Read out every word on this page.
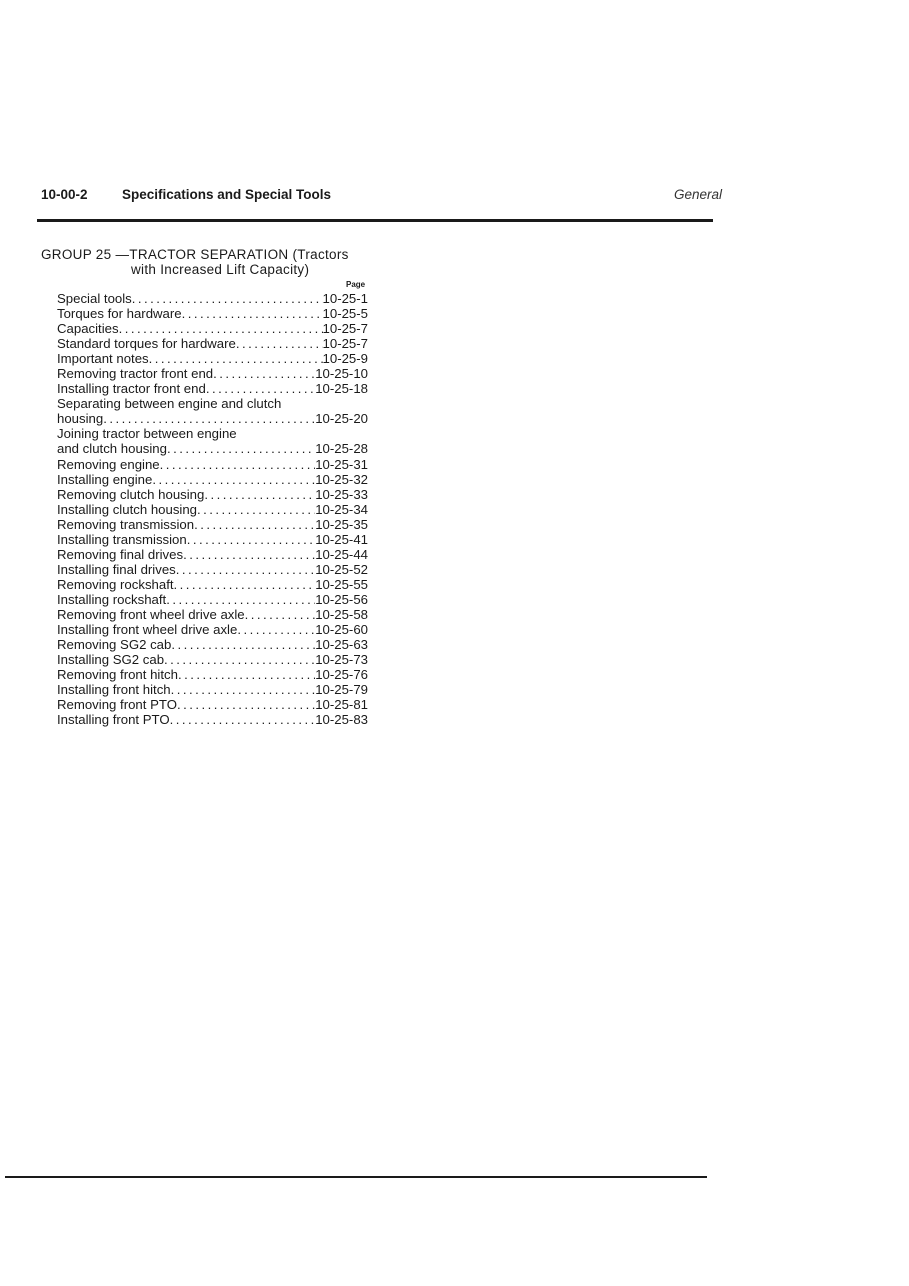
10-00-2	Specifications and Special Tools	General
GROUP 25 —TRACTOR SEPARATION (Tractors
with Increased Lift Capacity)
Page
Special tools . . .	10-25-1
Torques for hardware . . .	10-25-5
Capacities . . .	10-25-7
Standard torques for hardware . . .	10-25-7
Important notes . . .	10-25-9
Removing tractor front end . . .	10-25-10
Installing tractor front end . . .	10-25-18
Separating between engine and clutch
housing . . .	10-25-20
Joining tractor between engine
and clutch housing . . .	10-25-28
Removing engine . . .	10-25-31
Installing engine . . .	10-25-32
Removing clutch housing . . .	10-25-33
Installing clutch housing . . .	10-25-34
Removing transmission . . .	10-25-35
Installing transmission . . .	10-25-41
Removing final drives . . .	10-25-44
Installing final drives . . .	10-25-52
Removing rockshaft . . .	10-25-55
Installing rockshaft . . .	10-25-56
Removing front wheel drive axle . . .	10-25-58
Installing front wheel drive axle . . .	10-25-60
Removing SG2 cab . . .	10-25-63
Installing SG2 cab . . .	10-25-73
Removing front hitch . . .	10-25-76
Installing front hitch . . .	10-25-79
Removing front PTO . . .	10-25-81
Installing front PTO . . .	10-25-83
